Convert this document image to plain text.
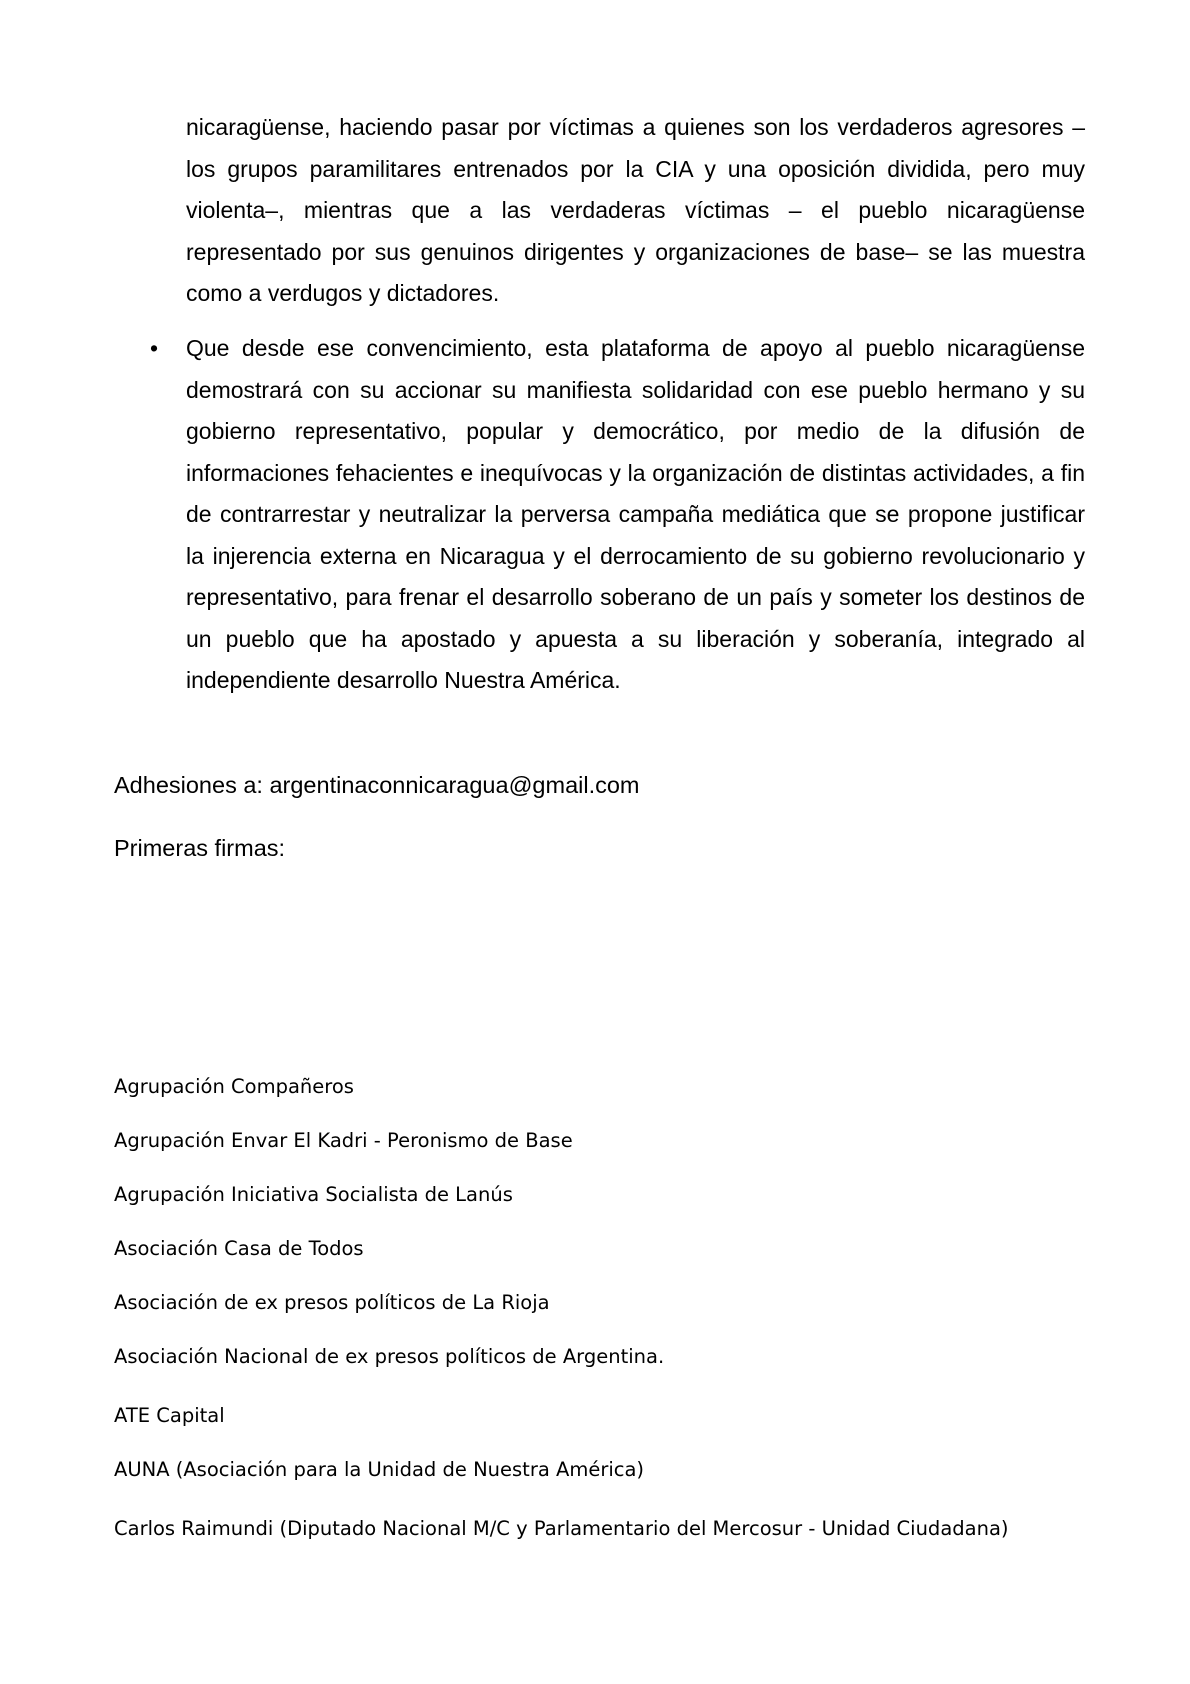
nicaragüense, haciendo pasar por víctimas a quienes son los verdaderos agresores –los grupos paramilitares entrenados por la CIA y una oposición dividida, pero muy violenta–, mientras que a las verdaderas víctimas – el pueblo nicaragüense representado por sus genuinos dirigentes y organizaciones de base– se las muestra como a verdugos y dictadores.

• Que desde ese convencimiento, esta plataforma de apoyo al pueblo nicaragüense demostrará con su accionar su manifiesta solidaridad con ese pueblo hermano y su gobierno representativo, popular y democrático, por medio de la difusión de informaciones fehacientes e inequívocas y la organización de distintas actividades, a fin de contrarrestar y neutralizar la perversa campaña mediática que se propone justificar la injerencia externa en Nicaragua y el derrocamiento de su gobierno revolucionario y representativo, para frenar el desarrollo soberano de un país y someter los destinos de un pueblo que ha apostado y apuesta a su liberación y soberanía, integrado al independiente desarrollo Nuestra América.

Adhesiones a: argentinaconnicaragua@gmail.com

Primeras firmas:

Agrupación Compañeros
Agrupación Envar El Kadri - Peronismo de Base
Agrupación Iniciativa Socialista de Lanús
Asociación Casa de Todos
Asociación de ex presos políticos de La Rioja
Asociación Nacional de ex presos políticos de Argentina.
ATE Capital
AUNA (Asociación para la Unidad de Nuestra América)
Carlos Raimundi (Diputado Nacional M/C y Parlamentario del Mercosur - Unidad Ciudadana)
